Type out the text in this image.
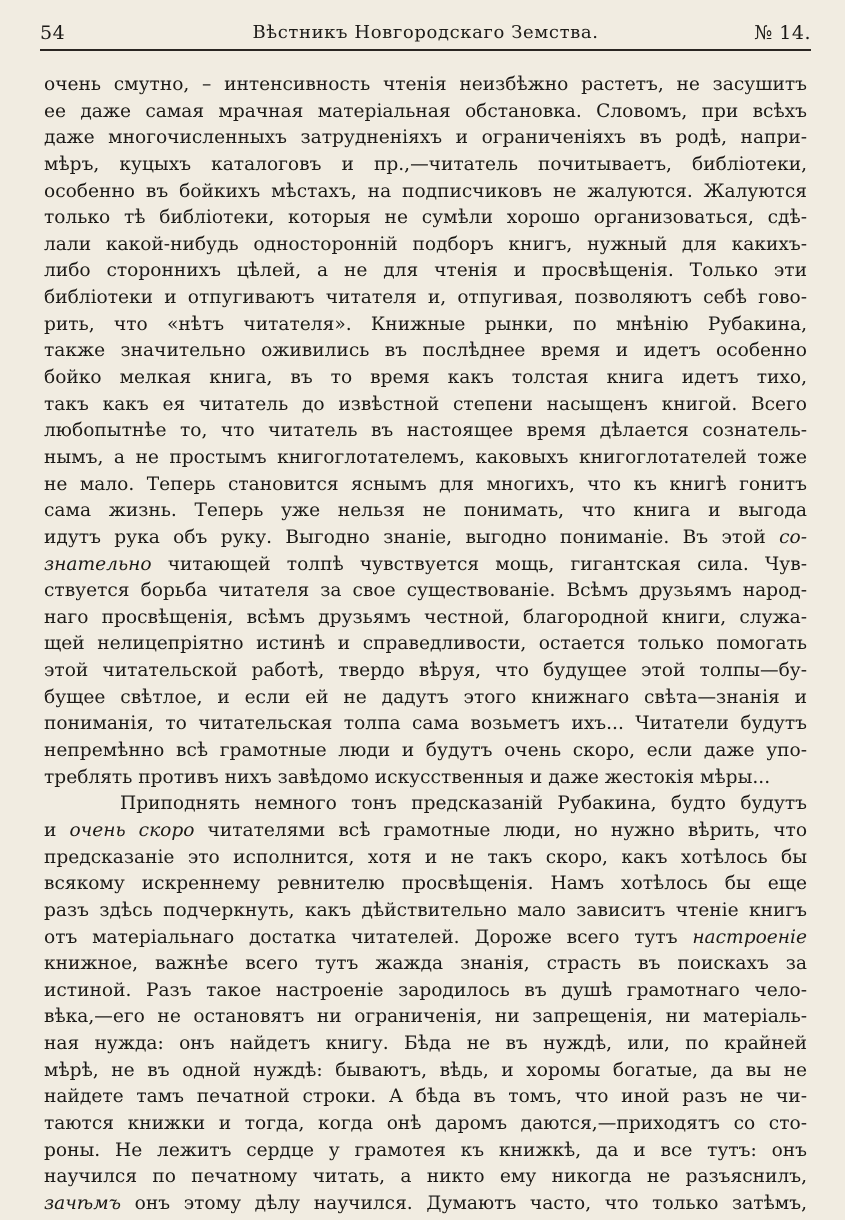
54	Вѣстникъ Новгородскаго Земства.	№ 14.
очень смутно, – интенсивность чтенія неизбѣжно растетъ, не засушитъ
ее даже самая мрачная матеріальная обстановка. Словомъ, при всѣхъ
даже многочисленныхъ затрудненіяхъ и ограниченіяхъ въ родѣ, напри-
мѣръ, куцыхъ каталоговъ и пр.,—читатель почитываетъ, библіотеки,
особенно въ бойкихъ мѣстахъ, на подписчиковъ не жалуются. Жалуются
только тѣ библіотеки, которыя не сумѣли хорошо организоваться, сдѣ-
лали какой-нибудь односторонній подборъ книгъ, нужный для какихъ-
либо стороннихъ цѣлей, а не для чтенія и просвѣщенія. Только эти
библіотеки и отпугиваютъ читателя и, отпугивая, позволяютъ себѣ гово-
рить, что «нѣтъ читателя». Книжные рынки, по мнѣнію Рубакина,
также значительно оживились въ послѣднее время и идетъ особенно
бойко мелкая книга, въ то время какъ толстая книга идетъ тихо,
такъ какъ ея читатель до извѣстной степени насыщенъ книгой. Всего
любопытнѣе то, что читатель въ настоящее время дѣлается сознатель-
нымъ, а не простымъ книгоглотателемъ, каковыхъ книгоглотателей тоже
не мало. Теперь становится яснымъ для многихъ, что къ книгѣ гонитъ
сама жизнь. Теперь уже нельзя не понимать, что книга и выгода
идутъ рука объ руку. Выгодно знаніе, выгодно пониманіе. Въ этой со-
знательно читающей толпѣ чувствуется мощь, гигантская сила. Чув-
ствуется борьба читателя за свое существованіе. Всѣмъ друзьямъ народ-
наго просвѣщенія, всѣмъ друзьямъ честной, благородной книги, служа-
щей нелицепріятно истинѣ и справедливости, остается только помогать
этой читательской работѣ, твердо вѣруя, что будущее этой толпы—бу-
бущее свѣтлое, и если ей не дадутъ этого книжнаго свѣта—знанія и
пониманія, то читательская толпа сама возьметъ ихъ... Читатели будутъ
непремѣнно всѣ грамотные люди и будутъ очень скоро, если даже упо-
треблять противъ нихъ завѣдомо искусственныя и даже жестокія мѣры...
Приподнять немного тонъ предсказаній Рубакина, будто будутъ
и очень скоро читателями всѣ грамотные люди, но нужно вѣрить, что
предсказаніе это исполнится, хотя и не такъ скоро, какъ хотѣлось бы
всякому искреннему ревнителю просвѣщенія. Намъ хотѣлось бы еще
разъ здѣсь подчеркнуть, какъ дѣйствительно мало зависитъ чтеніе книгъ
отъ матеріальнаго достатка читателей. Дороже всего тутъ настроеніе
книжное, важнѣе всего тутъ жажда знанія, страсть въ поискахъ за
истиной. Разъ такое настроеніе зародилось въ душѣ грамотнаго чело-
вѣка,—его не остановятъ ни ограниченія, ни запрещенія, ни матеріаль-
ная нужда: онъ найдетъ книгу. Бѣда не въ нуждѣ, или, по крайней
мѣрѣ, не въ одной нуждѣ: бываютъ, вѣдь, и хоромы богатые, да вы не
найдете тамъ печатной строки. А бѣда въ томъ, что иной разъ не чи-
таются книжки и тогда, когда онѣ даромъ даются,—приходятъ со сто-
роны. Не лежитъ сердце у грамотея къ книжкѣ, да и все тутъ: онъ
научился по печатному читать, а никто ему никогда не разъяснилъ,
зачѣмъ онъ этому дѣлу научился. Думаютъ часто, что только затѣмъ,
